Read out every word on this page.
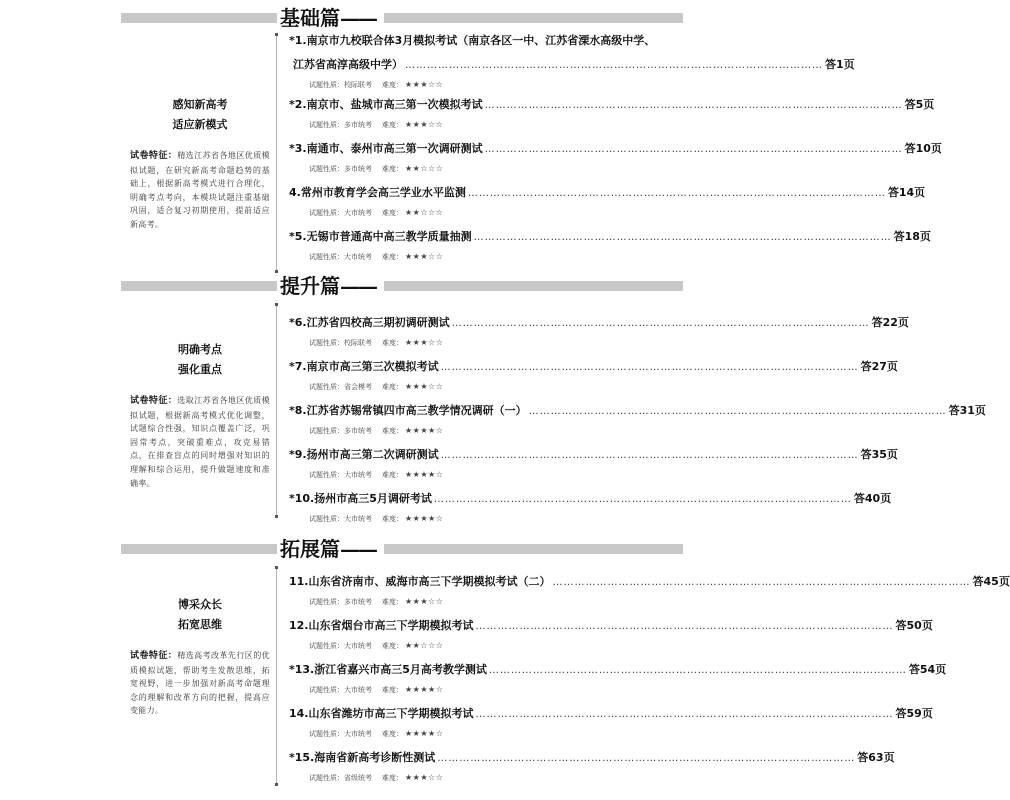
基础篇——
感知新高考
适应新模式
试卷特征：精选江苏省各地区优质模拟试题，在研究新高考命题趋势的基础上，根据新高考模式进行合理化，明确考点考向，本模块试题注重基础巩固，适合复习初期使用，提前适应新高考。
*1. 南京市九校联合体3月模拟考试（南京各区一中、江苏省溧水高级中学、
江苏省高淳高级中学） …………………………………………………………………………………………………… 答1页
试题性质：校际联考 难度： ★★★☆☆
*2. 南京市、盐城市高三第一次模拟考试 …………………………………………………………………………………………………… 答5页
试题性质：多市统考 难度： ★★★☆☆
*3. 南通市、泰州市高三第一次调研测试 …………………………………………………………………………………………………… 答10页
试题性质：多市统考 难度： ★★☆☆☆
4. 常州市教育学会高三学业水平监测 …………………………………………………………………………………………………… 答14页
试题性质：大市统考 难度： ★★☆☆☆
*5. 无锡市普通高中高三教学质量抽测 …………………………………………………………………………………………………… 答18页
试题性质：大市统考 难度： ★★★☆☆
提升篇——
明确考点
强化重点
试卷特征：选取江苏省各地区优质模拟试题，根据新高考模式优化调整，试题综合性强，知识点覆盖广泛，巩固常考点，突破重难点，攻克易错点，在排查盲点的同时增强对知识的理解和综合运用，提升做题速度和准确率。
*6. 江苏省四校高三期初调研测试 …………………………………………………………………………………………………… 答22页
试题性质：校际联考 难度： ★★★☆☆
*7. 南京市高三第三次模拟考试 …………………………………………………………………………………………………… 答27页
试题性质：省会模考 难度： ★★★☆☆
*8. 江苏省苏锡常镇四市高三教学情况调研（一） …………………………………………………………………………………………………… 答31页
试题性质：多市统考 难度： ★★★★☆
*9. 扬州市高三第二次调研测试 …………………………………………………………………………………………………… 答35页
试题性质：大市统考 难度： ★★★★☆
*10. 扬州市高三5月调研考试 …………………………………………………………………………………………………… 答40页
试题性质：大市统考 难度： ★★★★☆
拓展篇——
博采众长
拓宽思维
试卷特征：精选高考改革先行区的优质模拟试题，帮助考生发散思维，拓宽视野，进一步加强对新高考命题理念的理解和改革方向的把握，提高应变能力。
11. 山东省济南市、威海市高三下学期模拟考试（二） …………………………………………………………………………………………………… 答45页
试题性质：多市统考 难度： ★★★☆☆
12. 山东省烟台市高三下学期模拟考试 …………………………………………………………………………………………………… 答50页
试题性质：大市统考 难度： ★★☆☆☆
*13. 浙江省嘉兴市高三5月高考教学测试 …………………………………………………………………………………………………… 答54页
试题性质：大市统考 难度： ★★★★☆
14. 山东省潍坊市高三下学期模拟考试 …………………………………………………………………………………………………… 答59页
试题性质：大市统考 难度： ★★★★☆
*15. 海南省新高考诊断性测试 …………………………………………………………………………………………………… 答63页
试题性质：省级统考 难度： ★★★☆☆
